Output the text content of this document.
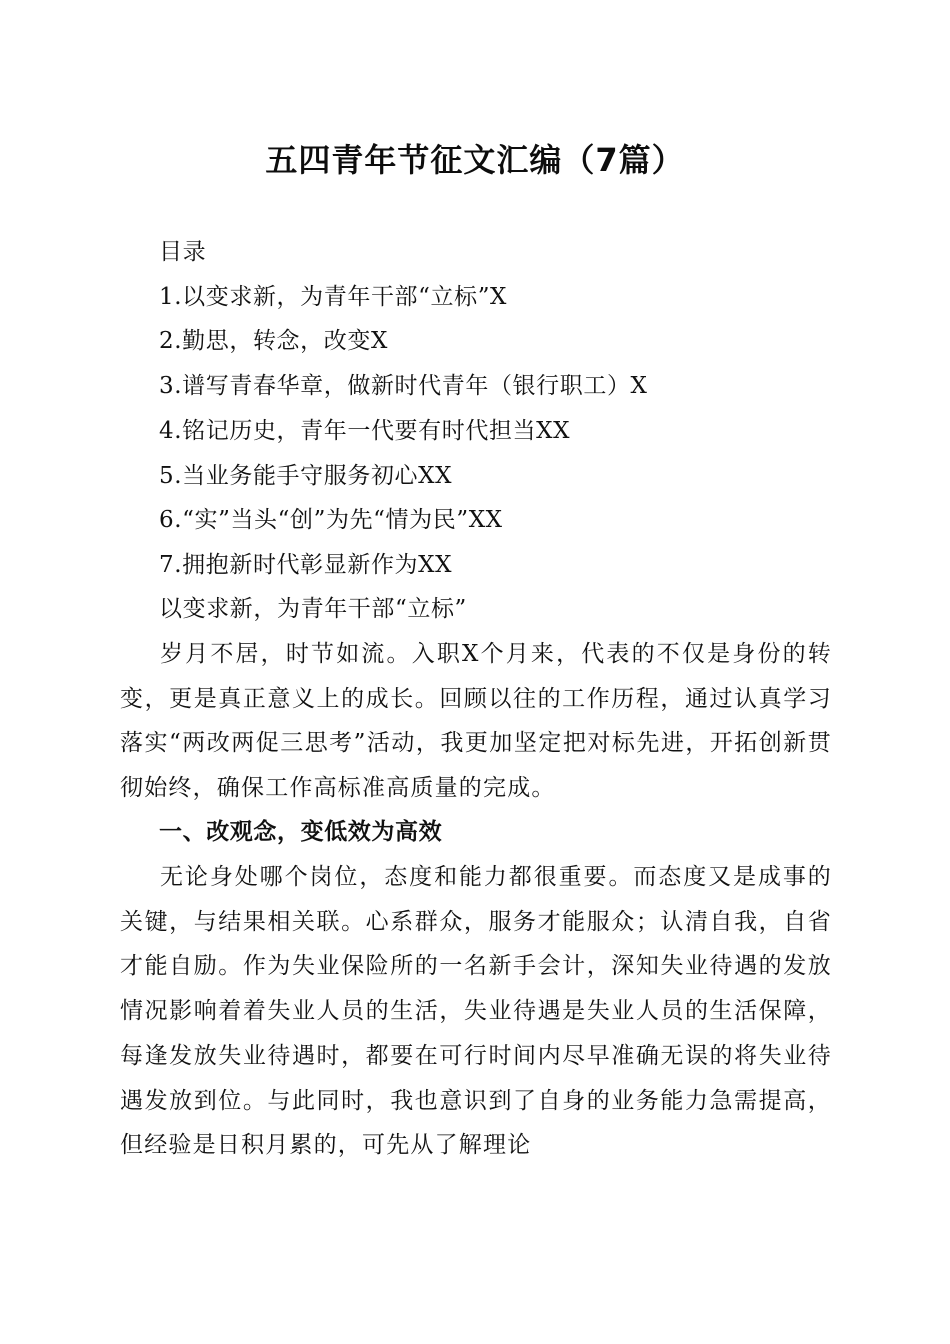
五四青年节征文汇编（7篇）
目录
1.以变求新，为青年干部“立标”X
2.勤思，转念，改变X
3.谱写青春华章，做新时代青年（银行职工）X
4.铭记历史，青年一代要有时代担当XX
5.当业务能手守服务初心XX
6.“实”当头“创”为先“情为民”XX
7.拥抱新时代彰显新作为XX
以变求新，为青年干部“立标”
岁月不居，时节如流。入职X个月来，代表的不仅是身份的转变，更是真正意义上的成长。回顾以往的工作历程，通过认真学习落实“两改两促三思考”活动，我更加坚定把对标先进，开拓创新贯彻始终，确保工作高标准高质量的完成。
一、改观念，变低效为高效
无论身处哪个岗位，态度和能力都很重要。而态度又是成事的关键，与结果相关联。心系群众，服务才能服众；认清自我，自省才能自励。作为失业保险所的一名新手会计，深知失业待遇的发放情况影响着着失业人员的生活，失业待遇是失业人员的生活保障，每逢发放失业待遇时，都要在可行时间内尽早准确无误的将失业待遇发放到位。与此同时，我也意识到了自身的业务能力急需提高，但经验是日积月累的，可先从了解理论
